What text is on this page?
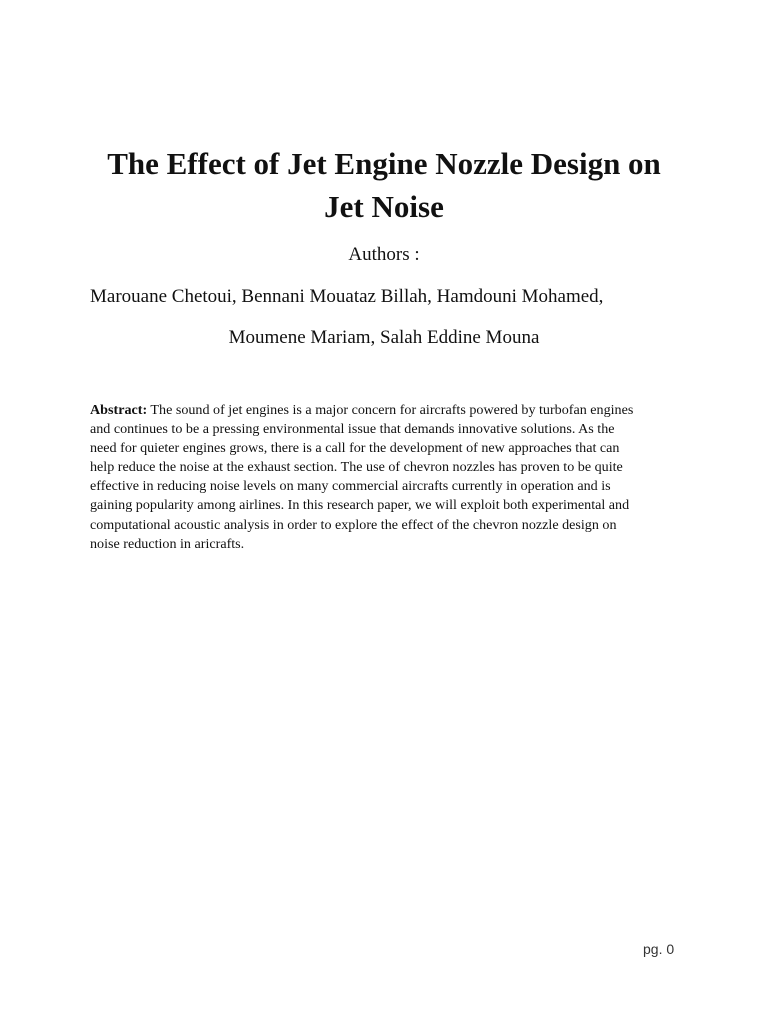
The Effect of Jet Engine Nozzle Design on
Jet Noise
Authors :
Marouane Chetoui, Bennani Mouataz Billah, Hamdouni Mohamed,
Moumene Mariam, Salah Eddine Mouna

Abstract: The sound of jet engines is a major concern for aircrafts powered by turbofan engines
and continues to be a pressing environmental issue that demands innovative solutions. As the
need for quieter engines grows, there is a call for the development of new approaches that can
help reduce the noise at the exhaust section. The use of chevron nozzles has proven to be quite
effective in reducing noise levels on many commercial aircrafts currently in operation and is
gaining popularity among airlines. In this research paper, we will exploit both experimental and
computational acoustic analysis in order to explore the effect of the chevron nozzle design on
noise reduction in aricrafts.

pg. 0
